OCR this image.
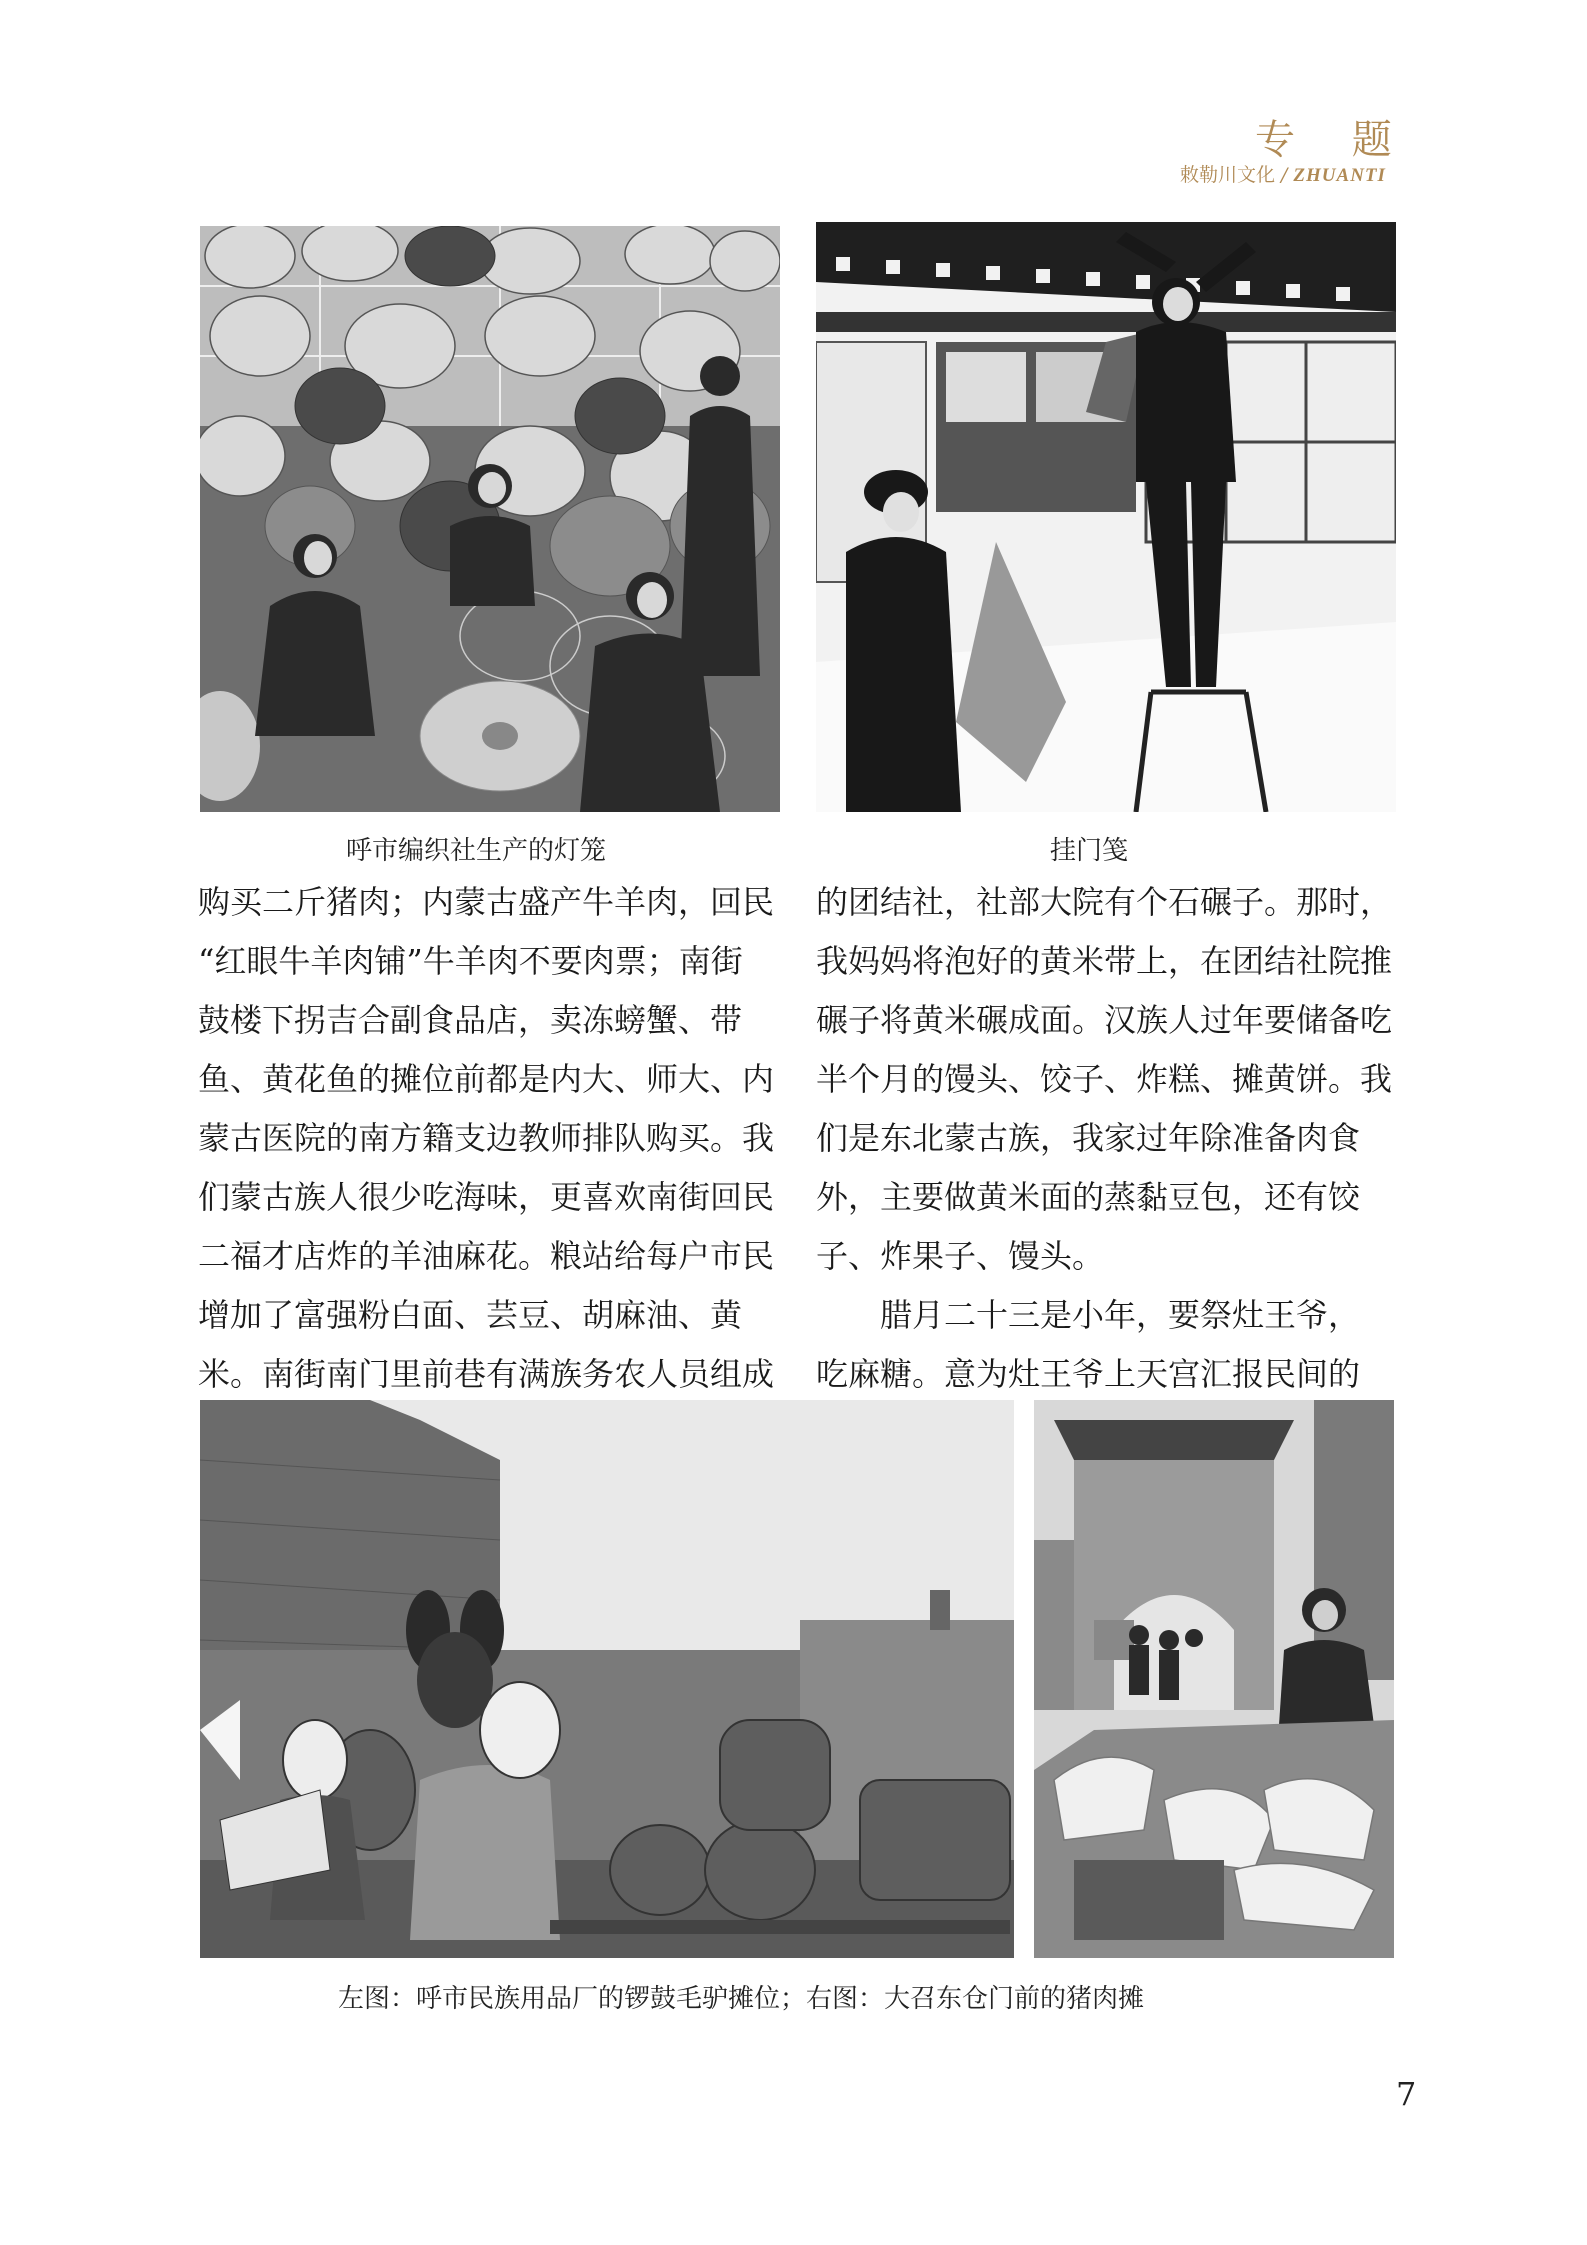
专 题
敕勒川文化 / ZHUANTI
呼市编织社生产的灯笼	挂门笺

购买二斤猪肉；内蒙古盛产牛羊肉，回民

“红眼牛羊肉铺”牛羊肉不要肉票；南街

鼓楼下拐吉合副食品店，卖冻螃蟹、带

鱼、黄花鱼的摊位前都是内大、师大、内

蒙古医院的南方籍支边教师排队购买。我

们蒙古族人很少吃海味，更喜欢南街回民

二福才店炸的羊油麻花。粮站给每户市民

增加了富强粉白面、芸豆、胡麻油、黄

米。南街南门里前巷有满族务农人员组成

的团结社，社部大院有个石碾子。那时，

我妈妈将泡好的黄米带上，在团结社院推

碾子将黄米碾成面。汉族人过年要储备吃

半个月的馒头、饺子、炸糕、摊黄饼。我

们是东北蒙古族，我家过年除准备肉食

外，主要做黄米面的蒸黏豆包，还有饺

子、炸果子、馒头。

腊月二十三是小年，要祭灶王爷，

吃麻糖。意为灶王爷上天宫汇报民间的

左图：呼市民族用品厂的锣鼓毛驴摊位；右图：大召东仓门前的猪肉摊
7
